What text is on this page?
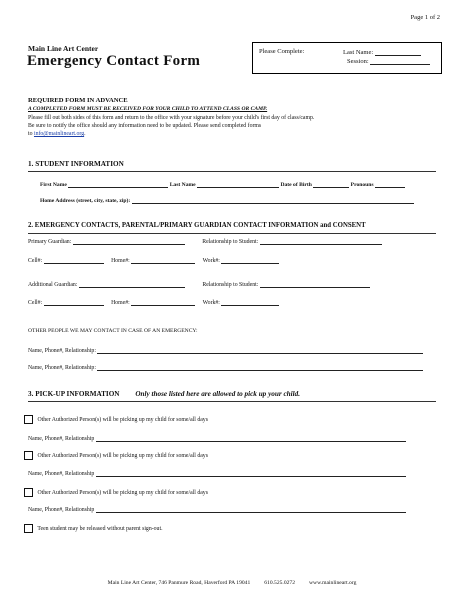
Page 1 of 2
Main Line Art Center
Emergency Contact Form
Please Complete:	Last Name:
Session:
REQUIRED FORM IN ADVANCE
A COMPLETED FORM MUST BE RECEIVED FOR YOUR CHILD TO ATTEND CLASS OR CAMP.
Please fill out both sides of this form and return to the office with your signature before your child's first day of class/camp.
Be sure to notify the office should any information need to be updated. Please send completed forms
to info@mainlineart.org.
1. STUDENT INFORMATION
First Name	Last Name	Date of Birth	Pronouns
Home Address (street, city, state, zip):
2. EMERGENCY CONTACTS, PARENTAL/PRIMARY GUARDIAN CONTACT INFORMATION and CONSENT
Primary Guardian:	Relationship to Student:
Cell#:	Home#:	Work#:
Additional Guardian:	Relationship to Student:
Cell#:	Home#:	Work#:
OTHER PEOPLE WE MAY CONTACT IN CASE OF AN EMERGENCY:
Name, Phone#, Relationship:
Name, Phone#, Relationship:
3. PICK-UP INFORMATION Only those listed here are allowed to pick up your child.
Other Authorized Person(s) will be picking up my child for some/all days
Name, Phone#, Relationship
Other Authorized Person(s) will be picking up my child for some/all days
Name, Phone#, Relationship
Other Authorized Person(s) will be picking up my child for some/all days
Name, Phone#, Relationship
Teen student may be released without parent sign-out.
Main Line Art Center, 746 Panmure Road, Haverford PA 19041          610.525.0272          www.mainlineart.org
